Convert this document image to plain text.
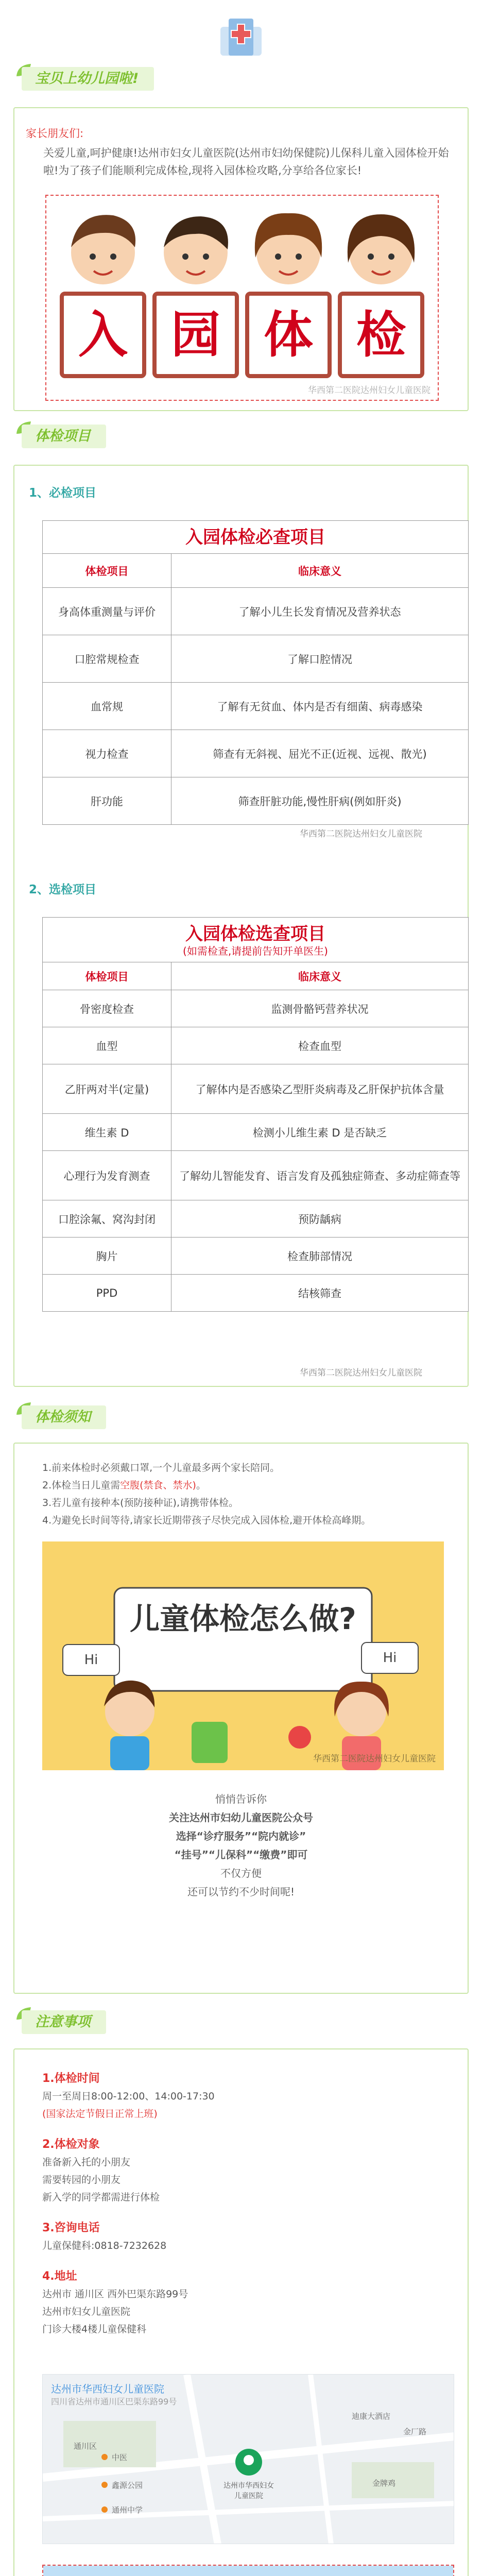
宝贝上幼儿园啦!
家长朋友们:
关爱儿童,呵护健康!达州市妇女儿童医院(达州市妇幼保健院)儿保科儿童入园体检开始啦!为了孩子们能顺利完成体检,现将入园体检攻略,分享给各位家长!
入 园 体 检
华西第二医院达州妇女儿童医院
体检项目
1、必检项目
入园体检必查项目
体检项目	临床意义
身高体重测量与评价	了解小儿生长发育情况及营养状态
口腔常规检查	了解口腔情况
血常规	了解有无贫血、体内是否有细菌、病毒感染
视力检查	筛查有无斜视、屈光不正(近视、远视、散光)
肝功能	筛查肝脏功能,慢性肝病(例如肝炎)
华西第二医院达州妇女儿童医院
2、选检项目
入园体检选查项目
(如需检查,请提前告知开单医生)
体检项目	临床意义
骨密度检查	监测骨骼钙营养状况
血型	检查血型
乙肝两对半(定量)	了解体内是否感染乙型肝炎病毒及乙肝保护抗体含量
维生素 D	检测小儿维生素 D 是否缺乏
心理行为发育测查	了解幼儿智能发育、语言发育及孤独症筛查、多动症筛查等
口腔涂氟、窝沟封闭	预防龋病
胸片	检查肺部情况
PPD	结核筛查
华西第二医院达州妇女儿童医院
体检须知
1.前来体检时必须戴口罩,一个儿童最多两个家长陪同。
2.体检当日儿童需空腹(禁食、禁水)。
3.若儿童有接种本(预防接种证),请携带体检。
4.为避免长时间等待,请家长近期带孩子尽快完成入园体检,避开体检高峰期。
Hi	Hi
儿童体检怎么做?
华西第二医院达州妇女儿童医院
悄悄告诉你
关注达州市妇幼儿童医院公众号
选择“诊疗服务”“院内就诊”
“挂号”“儿保科”“缴费”即可
不仅方便
还可以节约不少时间呢!
注意事项
1.体检时间
周一至周日8:00-12:00、14:00-17:30
(国家法定节假日正常上班)
2.体检对象
准备新入托的小朋友
需要转园的小朋友
新入学的同学都需进行体检
3.咨询电话
儿童保健科:0818-7232628
4.地址
达州市 通川区 西外巴渠东路99号
达州市妇女儿童医院
门诊大楼4楼儿童保健科
达州市华西妇女儿童医院
四川省达州市通川区巴渠东路99号
达州市华西妇女儿童医院
通川区
中医
鑫源公园
通州中学
迪康大酒店
金牌鸡
金厂路
